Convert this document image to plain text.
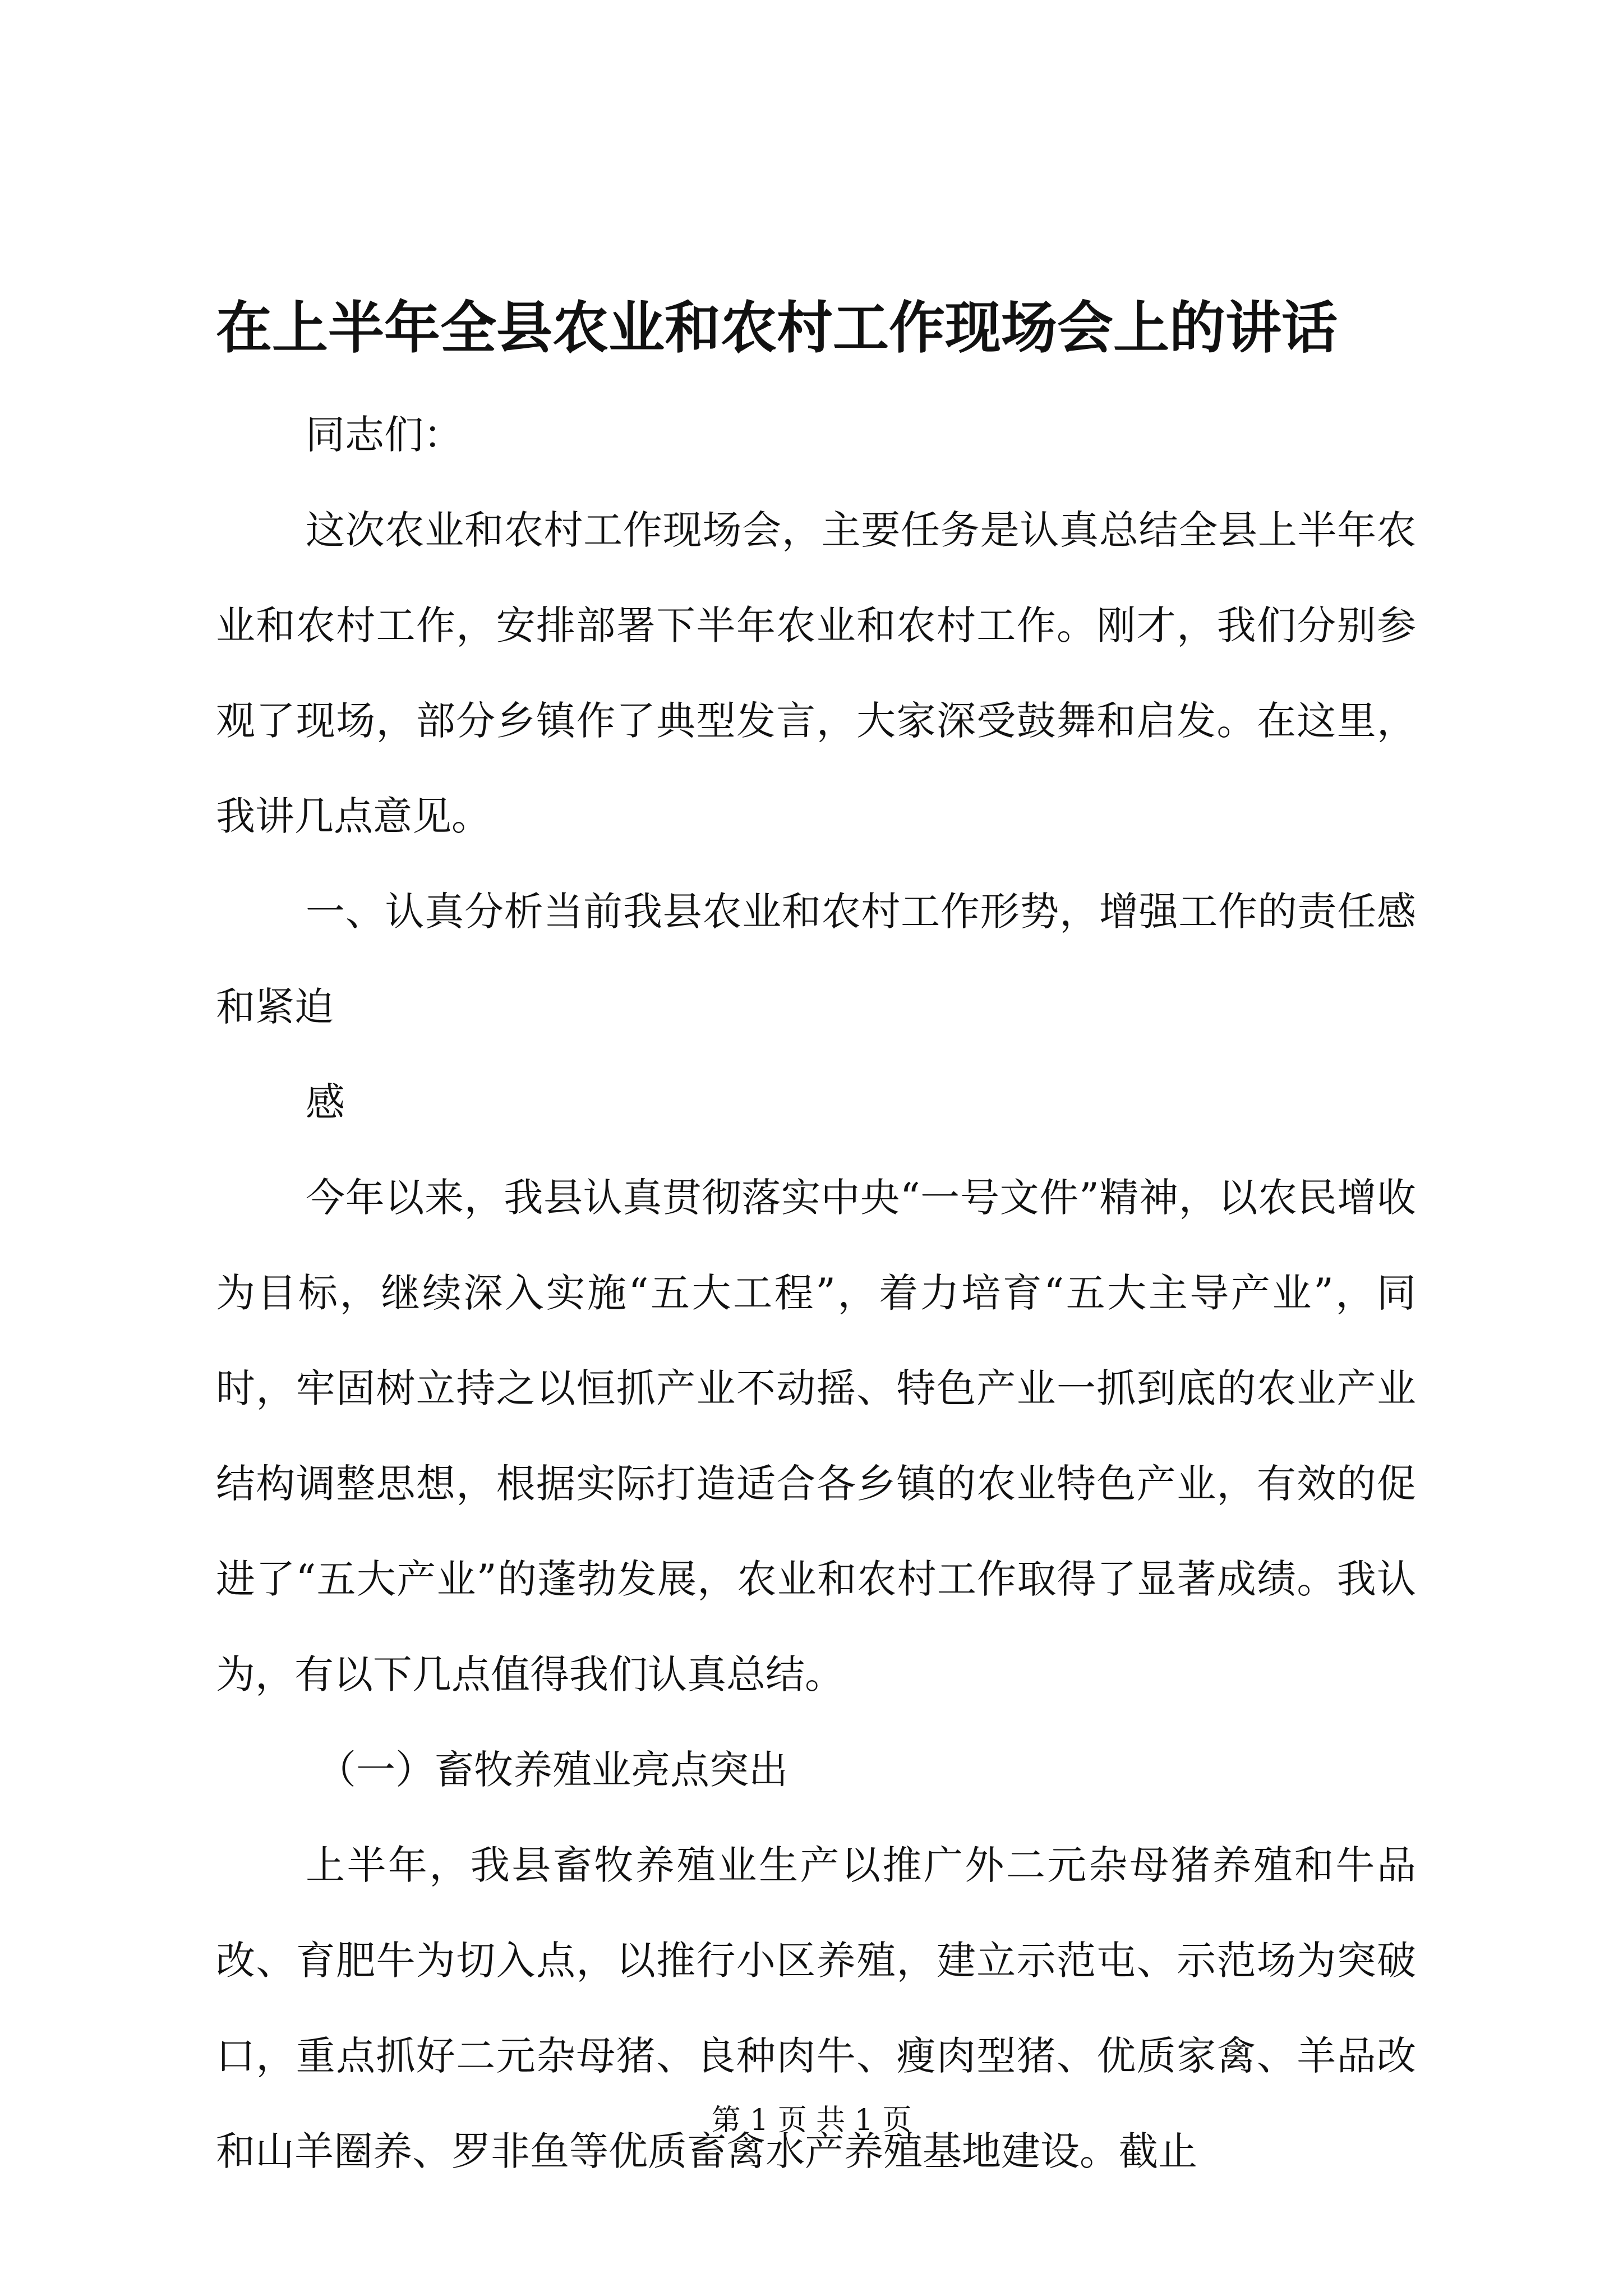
在上半年全县农业和农村工作现场会上的讲话

同志们：

这次农业和农村工作现场会，主要任务是认真总结全县上半年农业和农村工作，安排部署下半年农业和农村工作。刚才，我们分别参观了现场，部分乡镇作了典型发言，大家深受鼓舞和启发。在这里，我讲几点意见。

一、认真分析当前我县农业和农村工作形势，增强工作的责任感和紧迫

感

今年以来，我县认真贯彻落实中央“一号文件”精神，以农民增收为目标，继续深入实施“五大工程”，着力培育“五大主导产业”，同时，牢固树立持之以恒抓产业不动摇、特色产业一抓到底的农业产业结构调整思想，根据实际打造适合各乡镇的农业特色产业，有效的促进了“五大产业”的蓬勃发展，农业和农村工作取得了显著成绩。我认为，有以下几点值得我们认真总结。

（一）畜牧养殖业亮点突出

上半年，我县畜牧养殖业生产以推广外二元杂母猪养殖和牛品改、育肥牛为切入点，以推行小区养殖，建立示范屯、示范场为突破口，重点抓好二元杂母猪、良种肉牛、瘦肉型猪、优质家禽、羊品改和山羊圈养、罗非鱼等优质畜禽水产养殖基地建设。截止

第 1 页 共 1 页
